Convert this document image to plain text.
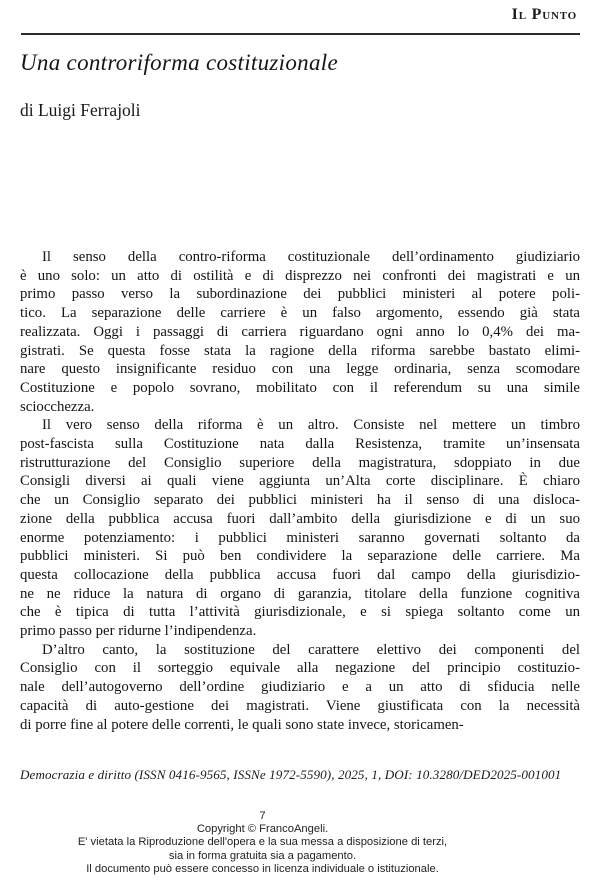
Il Punto
Una controriforma costituzionale
di Luigi Ferrajoli
Il senso della contro-riforma costituzionale dell’ordinamento giudiziario
è uno solo: un atto di ostilità e di disprezzo nei confronti dei magistrati e un
primo passo verso la subordinazione dei pubblici ministeri al potere poli-
tico. La separazione delle carriere è un falso argomento, essendo già stata
realizzata. Oggi i passaggi di carriera riguardano ogni anno lo 0,4% dei ma-
gistrati. Se questa fosse stata la ragione della riforma sarebbe bastato elimi-
nare questo insignificante residuo con una legge ordinaria, senza scomodare
Costituzione e popolo sovrano, mobilitato con il referendum su una simile
sciocchezza.
Il vero senso della riforma è un altro. Consiste nel mettere un timbro
post-fascista sulla Costituzione nata dalla Resistenza, tramite un’insensata
ristrutturazione del Consiglio superiore della magistratura, sdoppiato in due
Consigli diversi ai quali viene aggiunta un’Alta corte disciplinare. È chiaro
che un Consiglio separato dei pubblici ministeri ha il senso di una disloca-
zione della pubblica accusa fuori dall’ambito della giurisdizione e di un suo
enorme potenziamento: i pubblici ministeri saranno governati soltanto da
pubblici ministeri. Si può ben condividere la separazione delle carriere. Ma
questa collocazione della pubblica accusa fuori dal campo della giurisdizio-
ne ne riduce la natura di organo di garanzia, titolare della funzione cognitiva
che è tipica di tutta l’attività giurisdizionale, e si spiega soltanto come un
primo passo per ridurne l’indipendenza.
D’altro canto, la sostituzione del carattere elettivo dei componenti del
Consiglio con il sorteggio equivale alla negazione del principio costituzio-
nale dell’autogoverno dell’ordine giudiziario e a un atto di sfiducia nelle
capacità di auto-gestione dei magistrati. Viene giustificata con la necessità
di porre fine al potere delle correnti, le quali sono state invece, storicamen-
Democrazia e diritto (ISSN 0416-9565, ISSNe 1972-5590), 2025, 1, DOI: 10.3280/DED2025-001001
7
Copyright © FrancoAngeli.
E' vietata la Riproduzione dell'opera e la sua messa a disposizione di terzi,
sia in forma gratuita sia a pagamento.
Il documento può essere concesso in licenza individuale o istituzionale.
